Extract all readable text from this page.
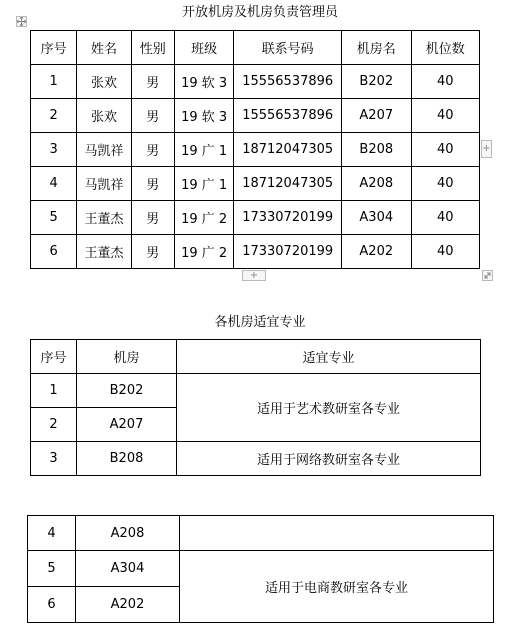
开放机房及机房负责管理员
序号	姓名	性别	班级	联系号码	机房名	机位数
1	张欢	男	19 软 3	15556537896	B202	40
2	张欢	男	19 软 3	15556537896	A207	40
3	马凯祥	男	19 广 1	18712047305	B208	40
4	马凯祥	男	19 广 1	18712047305	A208	40
5	王董杰	男	19 广 2	17330720199	A304	40
6	王董杰	男	19 广 2	17330720199	A202	40
+
+
各机房适宜专业
序号	机房	适宜专业
1	B202	适用于艺术教研室各专业
2	A207	
3	B208	适用于网络教研室各专业
4	A208	
5	A304	适用于电商教研室各专业
6	A202	
